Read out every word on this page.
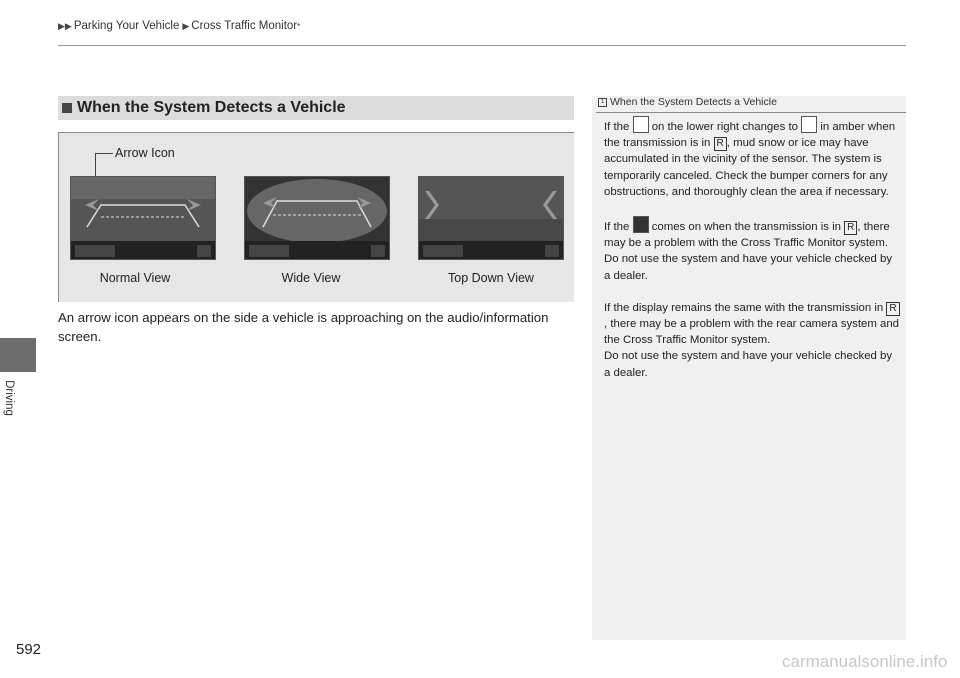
▶▶ Parking Your Vehicle ▶ Cross Traffic Monitor *
Driving
592
When the System Detects a Vehicle
Arrow Icon
Normal View	Wide View	Top Down View
An arrow icon appears on the side a vehicle is approaching on the audio/information screen.
1 When the System Detects a Vehicle

If the on the lower right changes to in amber when the transmission is in R , mud snow or ice may have accumulated in the vicinity of the sensor. The system is temporarily canceled. Check the bumper corners for any obstructions, and thoroughly clean the area if necessary.

If the comes on when the transmission is in R , there may be a problem with the Cross Traffic Monitor system. Do not use the system and have your vehicle checked by a dealer.

If the display remains the same with the transmission in R, there may be a problem with the rear camera system and the Cross Traffic Monitor system.

Do not use the system and have your vehicle checked by a dealer.

carmanualsonline.info
